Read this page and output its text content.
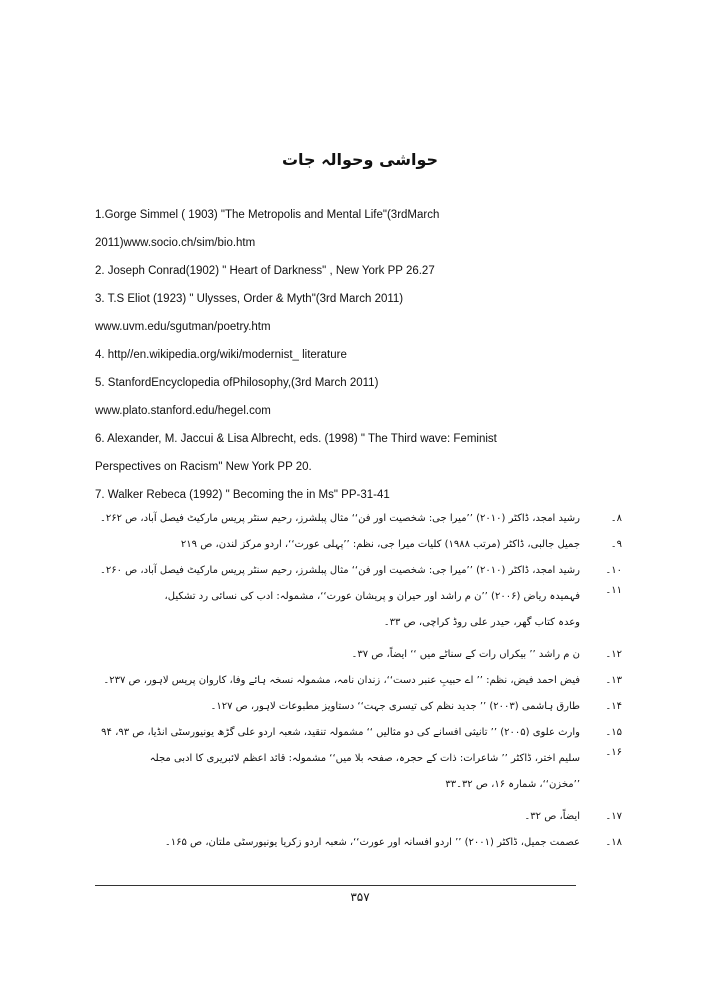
حواشی وحوالہ جات
1.Gorge Simmel ( 1903) "The Metropolis and Mental Life"(3rdMarch
2011)www.socio.ch/sim/bio.htm
2. Joseph Conrad(1902) " Heart of Darkness" , New York PP 26.27
3. T.S Eliot (1923) " Ulysses, Order & Myth"(3rd March 2011)
www.uvm.edu/sgutman/poetry.htm
4. http//en.wikipedia.org/wiki/modernist_ literature
5. StanfordEncyclopedia ofPhilosophy,(3rd March 2011)
www.plato.stanford.edu/hegel.com
6. Alexander, M. Jaccui & Lisa Albrecht, eds. (1998) " The Third wave: Feminist
Perspectives on Racism" New York PP 20.
7. Walker Rebeca (1992) " Becoming the in Ms" PP-31-41
۸۔
رشید امجد، ڈاکٹر (۲۰۱۰) ’’میرا جی: شخصیت اور فن‘‘ مثال پبلشرز، رحیم سنٹر پریس مارکیٹ فیصل آباد، ص ۲۶۲۔
۹۔
جمیل جالبی، ڈاکٹر (مرتب ۱۹۸۸) کلیات میرا جی، نظم: ’’پہلی عورت‘‘، اردو مرکز لندن، ص ۲۱۹
۱۰۔
رشید امجد، ڈاکٹر (۲۰۱۰) ’’میرا جی: شخصیت اور فن‘‘ مثال پبلشرز، رحیم سنٹر پریس مارکیٹ فیصل آباد، ص ۲۶۰۔
۱۱۔
فہمیدہ ریاض (۲۰۰۶) ’’ن م راشد اور حیران و پریشان عورت‘‘، مشمولہ: ادب کی نسائی رد تشکیل، وعدہ کتاب گھر، حیدر علی روڈ کراچی، ص ۳۳۔
۱۲۔
ن م راشد ’’ بیکراں رات کے سناٹے میں ‘‘ ایضاً، ص ۳۷۔
۱۳۔
فیض احمد فیض، نظم: ’’ اے حبیبِ عنبر دست‘‘، زندان نامہ، مشمولہ نسخہ ہائے وفا، کاروان پریس لاہور، ص ۲۳۷۔
۱۴۔
طارق ہاشمی (۲۰۰۳) ’’ جدید نظم کی تیسری جہت‘‘ دستاویز مطبوعات لاہور، ص ۱۲۷۔
۱۵۔
وارث علوی (۲۰۰۵) ’’ تانیثی افسانے کی دو مثالیں ‘‘ مشمولہ تنقید، شعبہ اردو علی گڑھ یونیورسٹی انڈیا، ص ۹۳، ۹۴
۱۶۔
سلیم اختر، ڈاکٹر ’’ شاعرات: ذات کے حجرہ، صفحہ بلا میں‘‘ مشمولہ: قائد اعظم لائبریری کا ادبی مجلہ ’’مخزن‘‘، شمارہ ۱۶، ص ۳۲۔۳۳
۱۷۔
ایضاً، ص ۳۲۔
۱۸۔
عصمت جمیل، ڈاکٹر (۲۰۰۱) ’’ اردو افسانہ اور عورت‘‘، شعبہ اردو زکریا یونیورسٹی ملتان، ص ۱۶۵۔
۳۵۷
